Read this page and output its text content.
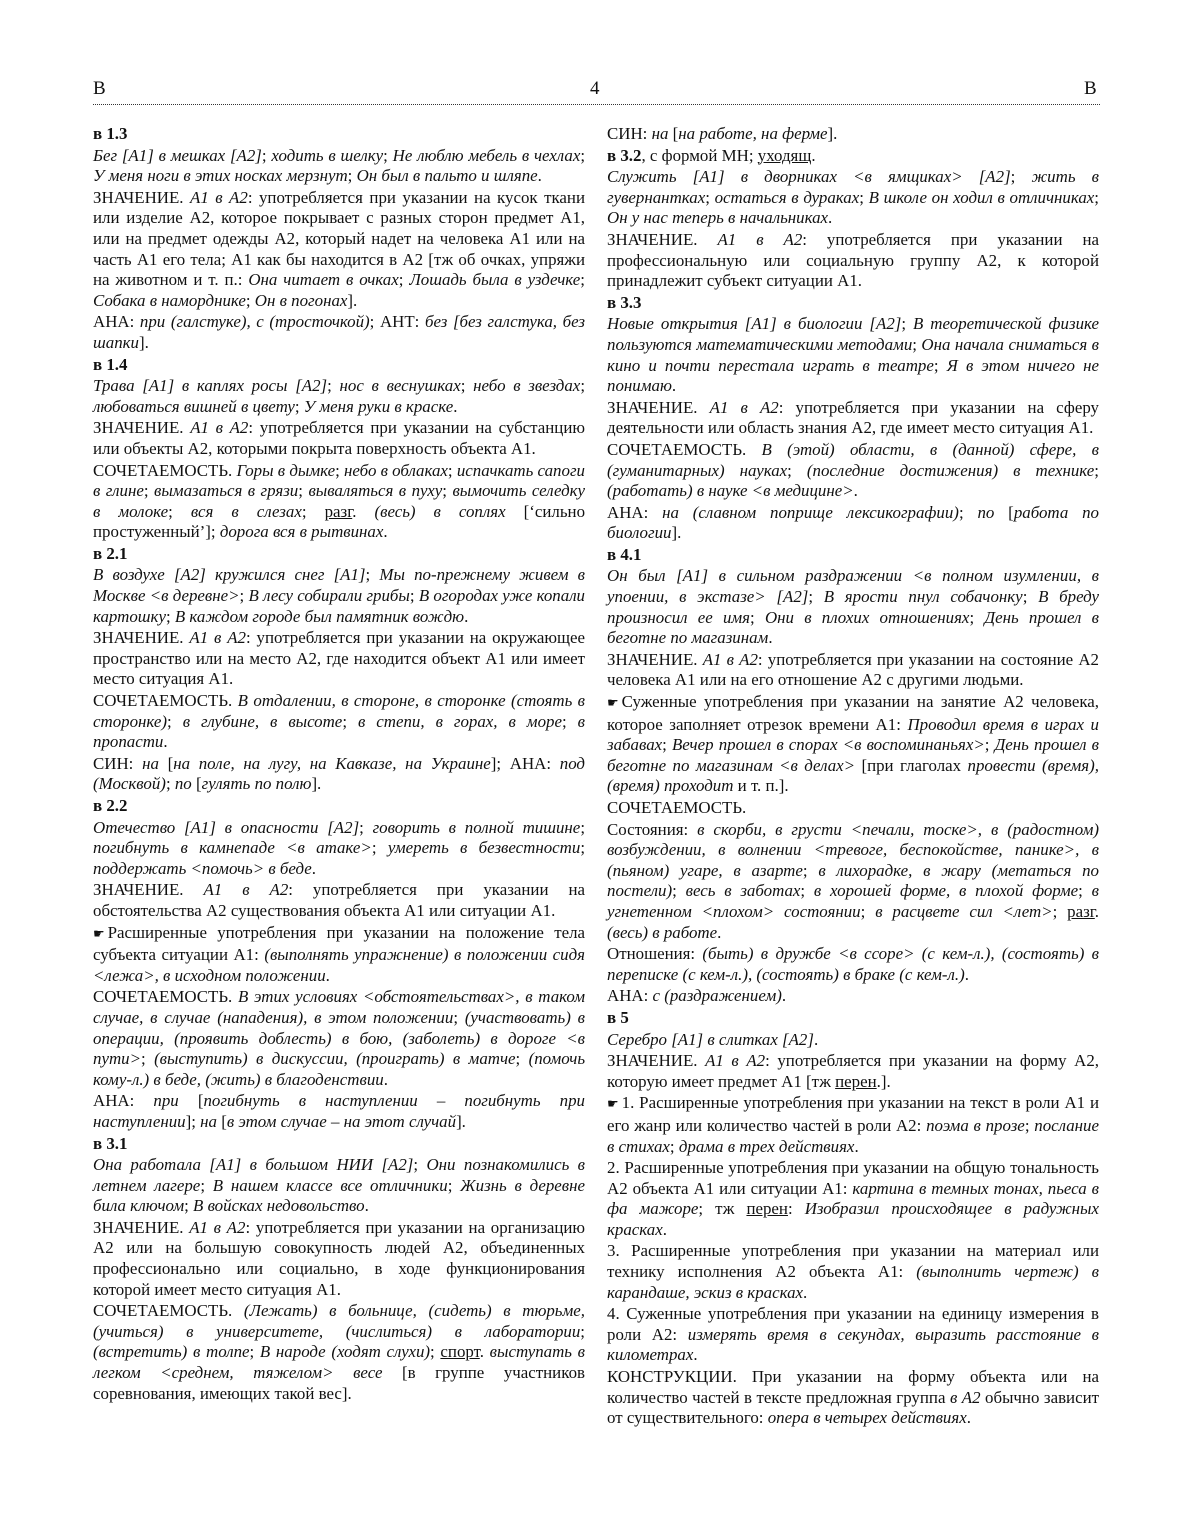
В	4	В
в 1.3
Бег [А1] в мешках [А2]; ходить в шелку; Не люблю мебель в чехлах; У меня ноги в этих носках мерзнут; Он был в пальто и шляпе.
ЗНАЧЕНИЕ. А1 в А2: употребляется при указании на кусок ткани или изделие А2, которое покрывает с разных сторон предмет А1, или на предмет одежды А2, который надет на человека А1 или на часть А1 его тела; А1 как бы находится в А2 [тж об очках, упряжи на животном и т. п.: Она читает в очках; Лошадь была в уздечке; Собака в наморднике; Он в погонах].
АНА: при (галстуке), с (тросточкой); АНТ: без [без галстука, без шапки].
в 1.4
Трава [А1] в каплях росы [А2]; нос в веснушках; небо в звездах; любоваться вишней в цвету; У меня руки в краске.
ЗНАЧЕНИЕ. А1 в А2: употребляется при указании на субстанцию или объекты А2, которыми покрыта поверхность объекта А1.
СОЧЕТАЕМОСТЬ. Горы в дымке; небо в облаках; испачкать сапоги в глине; вымазаться в грязи; вываляться в пуху; вымочить селедку в молоке; вся в слезах; разг. (весь) в соплях [‘сильно простуженный’]; дорога вся в рытвинах.
в 2.1
В воздухе [А2] кружился снег [А1]; Мы по-прежнему живем в Москве <в деревне>; В лесу собирали грибы; В огородах уже копали картошку; В каждом городе был памятник вождю.
ЗНАЧЕНИЕ. А1 в А2: употребляется при указании на окружающее пространство или на место А2, где находится объект А1 или имеет место ситуация А1.
СОЧЕТАЕМОСТЬ. В отдалении, в стороне, в сторонке (стоять в сторонке); в глубине, в высоте; в степи, в горах, в море; в пропасти.
СИН: на [на поле, на лугу, на Кавказе, на Украине]; АНА: под (Москвой); по [гулять по полю].
в 2.2
Отечество [А1] в опасности [А2]; говорить в полной тишине; погибнуть в камнепаде <в атаке>; умереть в безвестности; поддержать <помочь> в беде.
ЗНАЧЕНИЕ. А1 в А2: употребляется при указании на обстоятельства А2 существования объекта А1 или ситуации А1.
☛ Расширенные употребления при указании на положение тела субъекта ситуации А1: (выполнять упражнение) в положении сидя <лежа>, в исходном положении.
СОЧЕТАЕМОСТЬ. В этих условиях <обстоятельствах>, в таком случае, в случае (нападения), в этом положении; (участвовать) в операции, (проявить доблесть) в бою, (заболеть) в дороге <в пути>; (выступить) в дискуссии, (проиграть) в матче; (помочь кому-л.) в беде, (жить) в благоденствии.
АНА: при [погибнуть в наступлении – погибнуть при наступлении]; на [в этом случае – на этот случай].
в 3.1
Она работала [А1] в большом НИИ [А2]; Они познакомились в летнем лагере; В нашем классе все отличники; Жизнь в деревне била ключом; В войсках недовольство.
ЗНАЧЕНИЕ. А1 в А2: употребляется при указании на организацию А2 или на большую совокупность людей А2, объединенных профессионально или социально, в ходе функционирования которой имеет место ситуация А1.
СОЧЕТАЕМОСТЬ. (Лежать) в больнице, (сидеть) в тюрьме, (учиться) в университете, (числиться) в лаборатории; (встретить) в толпе; В народе (ходят слухи); спорт. выступать в легком <среднем, тяжелом> весе [в группе участников соревнования, имеющих такой вес].
СИН: на [на работе, на ферме].
в 3.2, с формой МН; уходящ.
Служить [А1] в дворниках <в ямщиках> [А2]; жить в гувернантках; остаться в дураках; В школе он ходил в отличниках; Он у нас теперь в начальниках.
ЗНАЧЕНИЕ. А1 в А2: употребляется при указании на профессиональную или социальную группу А2, к которой принадлежит субъект ситуации А1.
в 3.3
Новые открытия [А1] в биологии [А2]; В теоретической физике пользуются математическими методами; Она начала сниматься в кино и почти перестала играть в театре; Я в этом ничего не понимаю.
ЗНАЧЕНИЕ. А1 в А2: употребляется при указании на сферу деятельности или область знания А2, где имеет место ситуация А1.
СОЧЕТАЕМОСТЬ. В (этой) области, в (данной) сфере, в (гуманитарных) науках; (последние достижения) в технике; (работать) в науке <в медицине>.
АНА: на (славном поприще лексикографии); по [работа по биологии].
в 4.1
Он был [А1] в сильном раздражении <в полном изумлении, в упоении, в экстазе> [А2]; В ярости пнул собачонку; В бреду произносил ее имя; Они в плохих отношениях; День прошел в беготне по магазинам.
ЗНАЧЕНИЕ. А1 в А2: употребляется при указании на состояние А2 человека А1 или на его отношение А2 с другими людьми.
☛ Суженные употребления при указании на занятие А2 человека, которое заполняет отрезок времени А1: Проводил время в играх и забавах; Вечер прошел в спорах <в воспоминаньях>; День прошел в беготне по магазинам <в делах> [при глаголах провести (время), (время) проходит и т. п.].
СОЧЕТАЕМОСТЬ.
Состояния: в скорби, в грусти <печали, тоске>, в (радостном) возбуждении, в волнении <тревоге, беспокойстве, панике>, в (пьяном) угаре, в азарте; в лихорадке, в жару (метаться по постели); весь в заботах; в хорошей форме, в плохой форме; в угнетенном <плохом> состоянии; в расцвете сил <лет>; разг. (весь) в работе.
Отношения: (быть) в дружбе <в ссоре> (с кем-л.), (состоять) в переписке (с кем-л.), (состоять) в браке (с кем-л.).
АНА: с (раздражением).
в 5
Серебро [А1] в слитках [А2].
ЗНАЧЕНИЕ. А1 в А2: употребляется при указании на форму А2, которую имеет предмет А1 [тж перен.].
☛ 1. Расширенные употребления при указании на текст в роли А1 и его жанр или количество частей в роли А2: поэма в прозе; послание в стихах; драма в трех действиях.
2. Расширенные употребления при указании на общую тональность А2 объекта А1 или ситуации А1: картина в темных тонах, пьеса в фа мажоре; тж перен: Изобразил происходящее в радужных красках.
3. Расширенные употребления при указании на материал или технику исполнения А2 объекта А1: (выполнить чертеж) в карандаше, эскиз в красках.
4. Суженные употребления при указании на единицу измерения в роли А2: измерять время в секундах, выразить расстояние в километрах.
КОНСТРУКЦИИ. При указании на форму объекта или на количество частей в тексте предложная группа в А2 обычно зависит от существительного: опера в четырех действиях.
